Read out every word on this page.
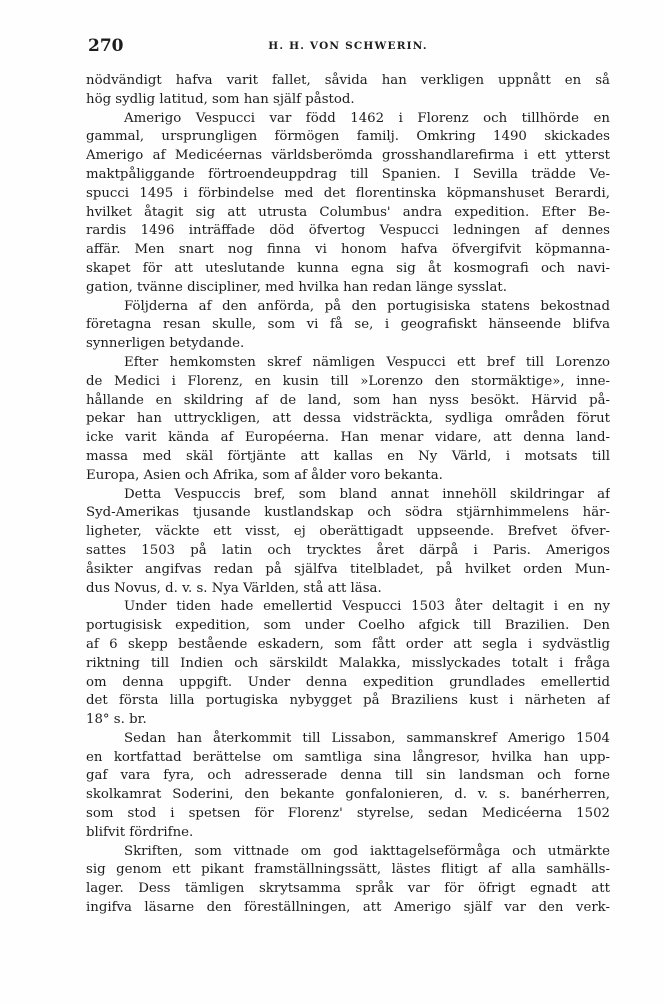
270	H. H. VON SCHWERIN.
nödvändigt hafva varit fallet, såvida han verkligen uppnått en så
hög sydlig latitud, som han själf påstod.
Amerigo Vespucci var född 1462 i Florenz och tillhörde en
gammal, ursprungligen förmögen familj. Omkring 1490 skickades
Amerigo af Medicéernas världsberömda grosshandlarefirma i ett ytterst
maktpåliggande förtroendeuppdrag till Spanien. I Sevilla trädde Ve-
spucci 1495 i förbindelse med det florentinska köpmanshuset Berardi,
hvilket åtagit sig att utrusta Columbus' andra expedition. Efter Be-
rardis 1496 inträffade död öfvertog Vespucci ledningen af dennes
affär. Men snart nog finna vi honom hafva öfvergifvit köpmanna-
skapet för att uteslutande kunna egna sig åt kosmografi och navi-
gation, tvänne discipliner, med hvilka han redan länge sysslat.
Följderna af den anförda, på den portugisiska statens bekostnad
företagna resan skulle, som vi få se, i geografiskt hänseende blifva
synnerligen betydande.
Efter hemkomsten skref nämligen Vespucci ett bref till Lorenzo
de Medici i Florenz, en kusin till »Lorenzo den stormäktige», inne-
hållande en skildring af de land, som han nyss besökt. Härvid på-
pekar han uttryckligen, att dessa vidsträckta, sydliga områden förut
icke varit kända af Européerna. Han menar vidare, att denna land-
massa med skäl förtjänte att kallas en Ny Värld, i motsats till
Europa, Asien och Afrika, som af ålder voro bekanta.
Detta Vespuccis bref, som bland annat innehöll skildringar af
Syd-Amerikas tjusande kustlandskap och södra stjärnhimmelens här-
ligheter, väckte ett visst, ej oberättigadt uppseende. Brefvet öfver-
sattes 1503 på latin och trycktes året därpå i Paris. Amerigos
åsikter angifvas redan på själfva titelbladet, på hvilket orden Mun-
dus Novus, d. v. s. Nya Världen, stå att läsa.
Under tiden hade emellertid Vespucci 1503 åter deltagit i en ny
portugisisk expedition, som under Coelho afgick till Brazilien. Den
af 6 skepp bestående eskadern, som fått order att segla i sydvästlig
riktning till Indien och särskildt Malakka, misslyckades totalt i fråga
om denna uppgift. Under denna expedition grundlades emellertid
det första lilla portugiska nybygget på Braziliens kust i närheten af
18° s. br.
Sedan han återkommit till Lissabon, sammanskref Amerigo 1504
en kortfattad berättelse om samtliga sina långresor, hvilka han upp-
gaf vara fyra, och adresserade denna till sin landsman och forne
skolkamrat Soderini, den bekante gonfalonieren, d. v. s. banérherren,
som stod i spetsen för Florenz' styrelse, sedan Medicéerna 1502
blifvit fördrifne.
Skriften, som vittnade om god iakttagelseförmåga och utmärkte
sig genom ett pikant framställningssätt, lästes flitigt af alla samhälls-
lager. Dess tämligen skrytsamma språk var för öfrigt egnadt att
ingifva läsarne den föreställningen, att Amerigo själf var den verk-
